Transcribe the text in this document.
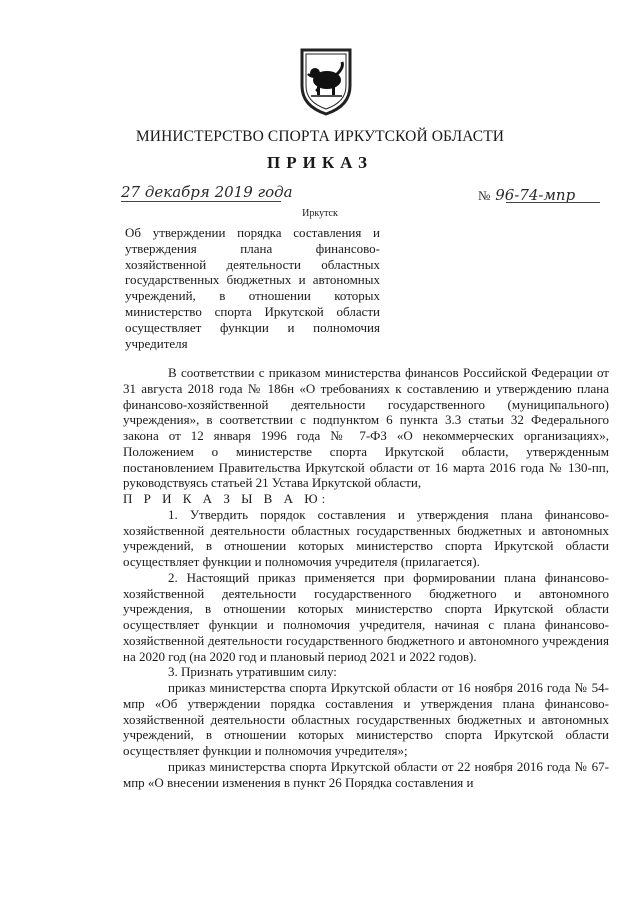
МИНИСТЕРСТВО СПОРТА ИРКУТСКОЙ ОБЛАСТИ
ПРИКАЗ
27 декабря 2019 года	№ 96-74-мпр
Иркутск
Об утверждении порядка составления и утверждения плана финансово-хозяйственной деятельности областных государственных бюджетных и автономных учреждений, в отношении которых министерство спорта Иркутской области осуществляет функции и полномочия учредителя

В соответствии с приказом министерства финансов Российской Федерации от 31 августа 2018 года № 186н «О требованиях к составлению и утверждению плана финансово-хозяйственной деятельности государственного (муниципального) учреждения», в соответствии с подпунктом 6 пункта 3.3 статьи 32 Федерального закона от 12 января 1996 года № 7-ФЗ «О некоммерческих организациях», Положением о министерстве спорта Иркутской области, утвержденным постановлением Правительства Иркутской области от 16 марта 2016 года № 130-пп, руководствуясь статьей 21 Устава Иркутской области,

П Р И К А З Ы В А Ю:

1. Утвердить порядок составления и утверждения плана финансово-хозяйственной деятельности областных государственных бюджетных и автономных учреждений, в отношении которых министерство спорта Иркутской области осуществляет функции и полномочия учредителя (прилагается).

2. Настоящий приказ применяется при формировании плана финансово-хозяйственной деятельности государственного бюджетного и автономного учреждения, в отношении которых министерство спорта Иркутской области осуществляет функции и полномочия учредителя, начиная с плана финансово-хозяйственной деятельности государственного бюджетного и автономного учреждения на 2020 год (на 2020 год и плановый период 2021 и 2022 годов).

3. Признать утратившим силу:

приказ министерства спорта Иркутской области от 16 ноября 2016 года № 54-мпр «Об утверждении порядка составления и утверждения плана финансово-хозяйственной деятельности областных государственных бюджетных и автономных учреждений, в отношении которых министерство спорта Иркутской области осуществляет функции и полномочия учредителя»;

приказ министерства спорта Иркутской области от 22 ноября 2016 года № 67-мпр «О внесении изменения в пункт 26 Порядка составления и
